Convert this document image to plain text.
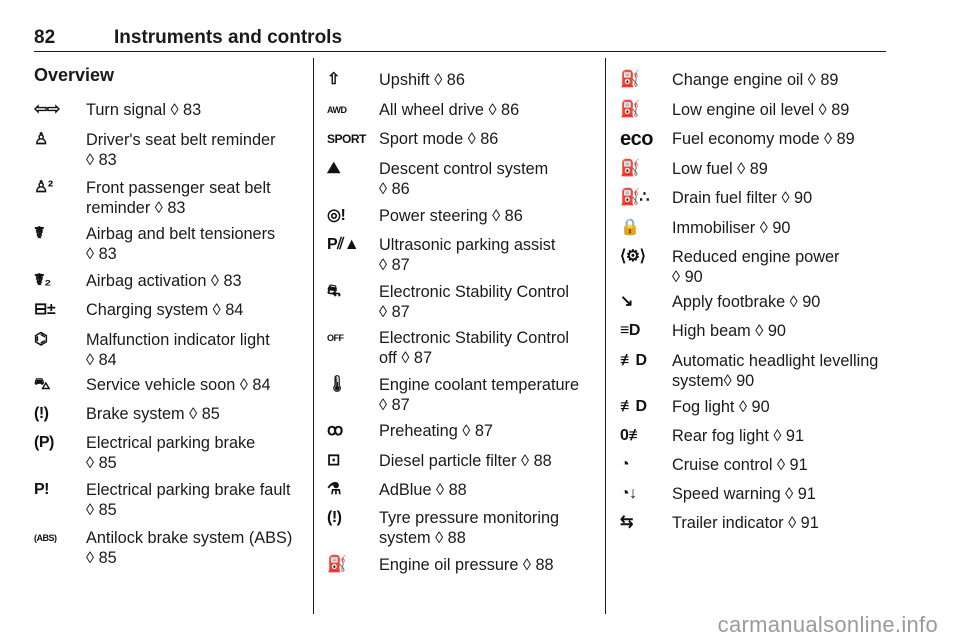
82	Instruments and controls
Overview
⇦⇨	Turn signal ◊ 83
♙	Driver's seat belt reminder
◊ 83
♙²	Front passenger seat belt
reminder ◊ 83
☤	Airbag and belt tensioners
◊ 83
☤₂	Airbag activation ◊ 83
⊟±	Charging system ◊ 84
⌬	Malfunction indicator light
◊ 84
⛍	Service vehicle soon ◊ 84
(!)	Brake system ◊ 85
(P)	Electrical parking brake
◊ 85
P!	Electrical parking brake fault
◊ 85
(ABS)	Antilock brake system (ABS)
◊ 85
⇧	Upshift ◊ 86
AWD	All wheel drive ◊ 86
SPORT Sport mode ◊ 86
⛰	Descent control system
◊ 86
◎!	Power steering ◊ 86
P⫽▲ Ultrasonic parking assist
◊ 87
⛐	Electronic Stability Control
◊ 87
OFF	Electronic Stability Control
off ◊ 87
🌡	Engine coolant temperature
◊ 87
ꝏ	Preheating ◊ 87
⊡	Diesel particle filter ◊ 88
⚗	AdBlue ◊ 88
(!)	Tyre pressure monitoring
system ◊ 88
⛽	Engine oil pressure ◊ 88
⛽	Change engine oil ◊ 89
⛽	Low engine oil level ◊ 89
eco Fuel economy mode ◊ 89
⛽	Low fuel ◊ 89
⛽∴	Drain fuel filter ◊ 90
🔒	Immobiliser ◊ 90
⟨⚙⟩	Reduced engine power
◊ 90
↘	Apply footbrake ◊ 90
≡D	High beam ◊ 90
≢D	Automatic headlight levelling
system◊ 90
≢D	Fog light ◊ 90
0≢	Rear fog light ◊ 91
◔	Cruise control ◊ 91
◔↓	Speed warning ◊ 91
⇆	Trailer indicator ◊ 91
carmanualsonline.info
